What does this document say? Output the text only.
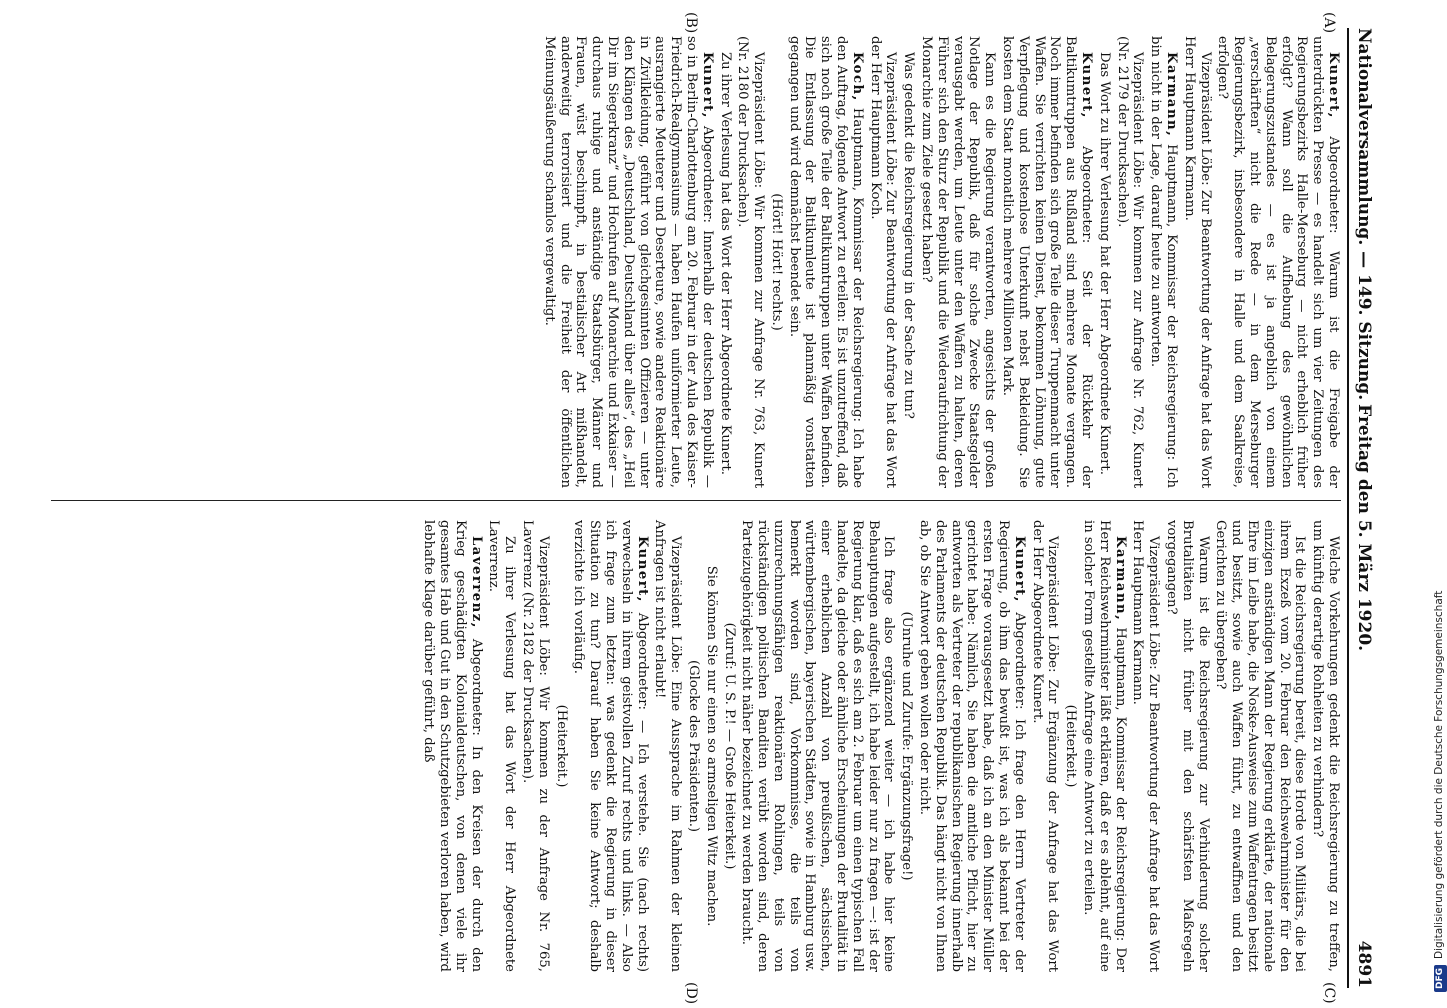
Nationalversammlung. — 149. Sitzung.
Freitag den 5. März 1920.
4891
(A)
(B)
(C)
(D)

Kunert, Abgeordneter: Warum ist die Freigabe der unterdrückten Presse — es handelt sich um vier Zeitungen des Regierungsbezirks Halle-Merseburg — nicht erheblich früher erfolgt? Wann soll die Aufhebung des gewöhnlichen Belagerungszustandes — es ist ja angeblich von einem „verschärften“ nicht die Rede — in dem Merseburger Regierungsbezirk, insbesondere in Halle und dem Saalkreise, erfolgen?

Vizepräsident Löbe: Zur Beantwortung der Anfrage hat das Wort Herr Hauptmann Karmann.

Karmann, Hauptmann, Kommissar der Reichsregierung: Ich bin nicht in der Lage, darauf heute zu antworten.

Vizepräsident Löbe: Wir kommen zur Anfrage Nr. 762, Kunert (Nr. 2179 der Drucksachen).

Das Wort zu ihrer Verlesung hat der Herr Abgeordnete Kunert.

Kunert, Abgeordneter: Seit der Rückkehr der Baltikumtruppen aus Rußland sind mehrere Monate vergangen. Noch immer befinden sich große Teile dieser Truppenmacht unter Waffen. Sie verrichten keinen Dienst, bekommen Löhnung, gute Verpflegung und kostenlose Unterkunft nebst Bekleidung. Sie kosten dem Staat monatlich mehrere Millionen Mark.

Kann es die Regierung verantworten, angesichts der großen Notlage der Republik, daß für solche Zwecke Staatsgelder verausgabt werden, um Leute unter den Waffen zu halten, deren Führer sich den Sturz der Republik und die Wiederaufrichtung der Monarchie zum Ziele gesetzt haben?

Was gedenkt die Reichsregierung in der Sache zu tun?

Vizepräsident Löbe: Zur Beantwortung der Anfrage hat das Wort der Herr Hauptmann Koch.

Koch, Hauptmann, Kommissar der Reichsregierung: Ich habe den Auftrag, folgende Antwort zu erteilen: Es ist unzutreffend, daß sich noch große Teile der Baltikumtruppen unter Waffen befinden. Die Entlassung der Baltikumleute ist planmäßig vonstatten gegangen und wird demnächst beendet sein.

(Hört! Hört! rechts.)

Vizepräsident Löbe: Wir kommen zur Anfrage Nr. 763, Kunert (Nr. 2180 der Drucksachen).

Zu ihrer Verlesung hat das Wort der Herr Abgeordnete Kunert.

Kunert, Abgeordneter: Innerhalb der deutschen Republik — so in Berlin-Charlottenburg am 20. Februar in der Aula des Kaiser-Friedrich-Realgymnasiums — haben Haufen uniformierter Leute, ausrangierte Meuterer und Deserteure, sowie andere Reaktionäre in Zivilkleidung, geführt von gleichgesinnten Offizieren — unter den Klängen des „Deutschland, Deutschland über alles“, des „Heil Dir im Siegerkranz“ und Hochrufen auf Monarchie und Exkaiser — durchaus ruhige und anständige Staatsbürger, Männer und Frauen, wüst beschimpft, in bestialischer Art mißhandelt, anderweitig terrorisiert und die Freiheit der öffentlichen Meinungsäußerung schamlos vergewaltigt.

Welche Vorkehrungen gedenkt die Reichsregierung zu treffen, um künftig derartige Rohheiten zu verhindern?

Ist die Reichsregierung bereit, diese Horde von Militärs, die bei ihrem Exzeß vom 20. Februar den Reichswehrminister für den einzigen anständigen Mann der Regierung erklärte, der nationale Ehre im Leibe habe, die Noske-Ausweise zum Waffentragen besitzt und besitzt, sowie auch Waffen führt, zu entwaffnen und den Gerichten zu übergeben?

Warum ist die Reichsregierung zur Verhinderung solcher Brutalitäten nicht früher mit den schärfsten Maßregeln vorgegangen?

Vizepräsident Löbe: Zur Beantwortung der Anfrage hat das Wort Herr Hauptmann Karmann.

Karmann, Hauptmann, Kommissar der Reichsregierung: Der Herr Reichswehrminister läßt erklären, daß er es ablehnt, auf eine in solcher Form gestellte Anfrage eine Antwort zu erteilen.

(Heiterkeit.)

Vizepräsident Löbe: Zur Ergänzung der Anfrage hat das Wort der Herr Abgeordnete Kunert.

Kunert, Abgeordneter: Ich frage den Herrn Vertreter der Regierung, ob ihm das bewußt ist, was ich als bekannt bei der ersten Frage vorausgesetzt habe, daß ich an den Minister Müller gerichtet habe: Nämlich, Sie haben die amtliche Pflicht, hier zu antworten als Vertreter der republikanischen Regierung innerhalb des Parlaments der deutschen Republik. Das hängt nicht von Ihnen ab, ob Sie Antwort geben wollen oder nicht.

(Unruhe und Zurufe: Ergänzungsfrage!)

Ich frage also ergänzend weiter — ich habe hier keine Behauptungen aufgestellt, ich habe leider nur zu fragen —: ist der Regierung klar, daß es sich am 2. Februar um einen typischen Fall handelte, da gleiche oder ähnliche Erscheinungen der Brutalität in einer erheblichen Anzahl von preußischen, sächsischen, württembergischen, bayerischen Städten, sowie in Hamburg usw. bemerkt worden sind, Vorkommnisse, die teils von unzurechnungsfähigen reaktionären Rohlingen, teils von rückständigen politischen Banditen verübt worden sind, deren Parteizugehörigkeit nicht näher bezeichnet zu werden braucht.

(Zuruf: U. S. P.! — Große Heiterkeit.)

Sie können Sie nur einen so armseligen Witz machen.

(Glocke des Präsidenten.)

Vizepräsident Löbe: Eine Aussprache im Rahmen der kleinen Anfragen ist nicht erlaubt!

Kunert, Abgeordneter: — Ich verstehe. Sie (nach rechts) verwechseln in ihrem geistvollen Zuruf rechts und links. — Also ich frage zum letzten: was gedenkt die Regierung in dieser Situation zu tun? Darauf haben Sie keine Antwort; deshalb verzichte ich vorläufig.

(Heiterkeit.)

Vizepräsident Löbe: Wir kommen zu der Anfrage Nr. 765, Laverrenz (Nr. 2182 der Drucksachen).

Zu ihrer Verlesung hat das Wort der Herr Abgeordnete Laverrenz.

Laverrenz, Abgeordneter: In den Kreisen der durch den Krieg geschädigten Kolonialdeutschen, von denen viele ihr gesamtes Hab und Gut in den Schutzgebieten verloren haben, wird lebhafte Klage darüber geführt, daß

DFGDigitalisierung gefördert durch die Deutsche Forschungsgemeinschaft
